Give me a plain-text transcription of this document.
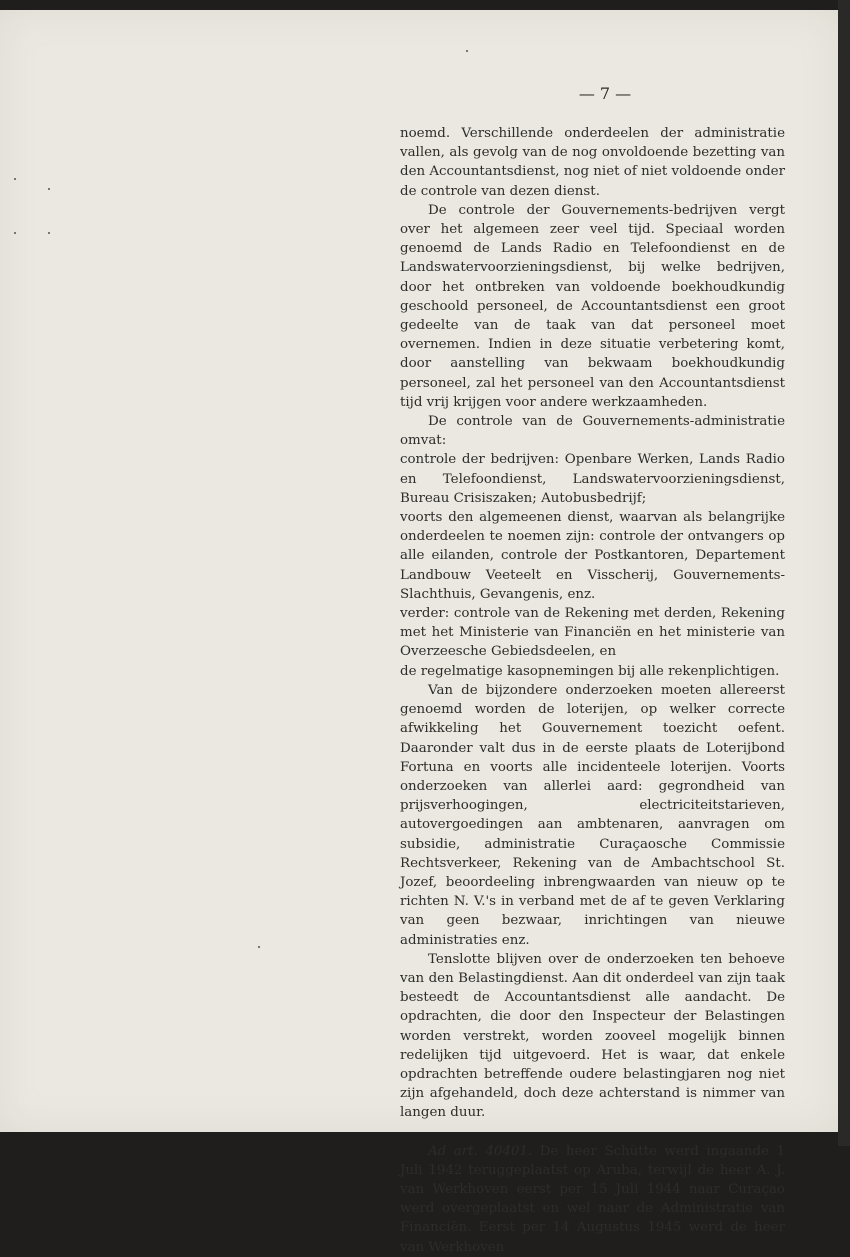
— 7 —

noemd. Verschillende onderdeelen der administratie vallen, als gevolg van de nog onvoldoende bezetting van den Accountantsdienst, nog niet of niet voldoende onder de controle van dezen dienst.

De controle der Gouvernements-bedrijven vergt over het algemeen zeer veel tijd. Speciaal worden genoemd de Lands Radio en Telefoondienst en de Landswatervoorzieningsdienst, bij welke bedrijven, door het ontbreken van voldoende boekhoudkundig geschoold personeel, de Accountantsdienst een groot gedeelte van de taak van dat personeel moet overnemen. Indien in deze situatie verbetering komt, door aanstelling van bekwaam boekhoudkundig personeel, zal het personeel van den Accountantsdienst tijd vrij krijgen voor andere werkzaamheden.

De controle van de Gouvernements-administratie omvat:

controle der bedrijven: Openbare Werken, Lands Radio en Telefoondienst, Landswatervoorzieningsdienst, Bureau Crisiszaken; Autobusbedrijf;

voorts den algemeenen dienst, waarvan als belangrijke onderdeelen te noemen zijn: controle der ontvangers op alle eilanden, controle der Postkantoren, Departement Landbouw Veeteelt en Visscherij, Gouvernements-Slachthuis, Gevangenis, enz.

verder: controle van de Rekening met derden, Rekening met het Ministerie van Financiën en het ministerie van Overzeesche Gebiedsdeelen, en

de regelmatige kasopnemingen bij alle rekenplichtigen.

Van de bijzondere onderzoeken moeten allereerst genoemd worden de loterijen, op welker correcte afwikkeling het Gouvernement toezicht oefent. Daaronder valt dus in de eerste plaats de Loterijbond Fortuna en voorts alle incidenteele loterijen. Voorts onderzoeken van allerlei aard: gegrondheid van prijsverhoogingen, electriciteitstarieven, autovergoedingen aan ambtenaren, aanvragen om subsidie, administratie Curaçaosche Commissie Rechtsverkeer, Rekening van de Ambachtschool St. Jozef, beoordeeling inbrengwaarden van nieuw op te richten N. V.'s in verband met de af te geven Verklaring van geen bezwaar, inrichtingen van nieuwe administraties enz.

Tenslotte blijven over de onderzoeken ten behoeve van den Belastingdienst. Aan dit onderdeel van zijn taak besteedt de Accountantsdienst alle aandacht. De opdrachten, die door den Inspecteur der Belastingen worden verstrekt, worden zooveel mogelijk binnen redelijken tijd uitgevoerd. Het is waar, dat enkele opdrachten betreffende oudere belastingjaren nog niet zijn afgehandeld, doch deze achterstand is nimmer van langen duur.

Ad art. 40401. De heer Schütte werd ingaande 1 Juli 1942 teruggeplaatst op Aruba, terwijl de heer A. J. van Werkhoven eerst per 15 Juli 1944 naar Curaçao werd overgeplaatst en wel naar de Administratie van Financiën. Eerst per 14 Augustus 1945 werd de heer van Werkhoven
